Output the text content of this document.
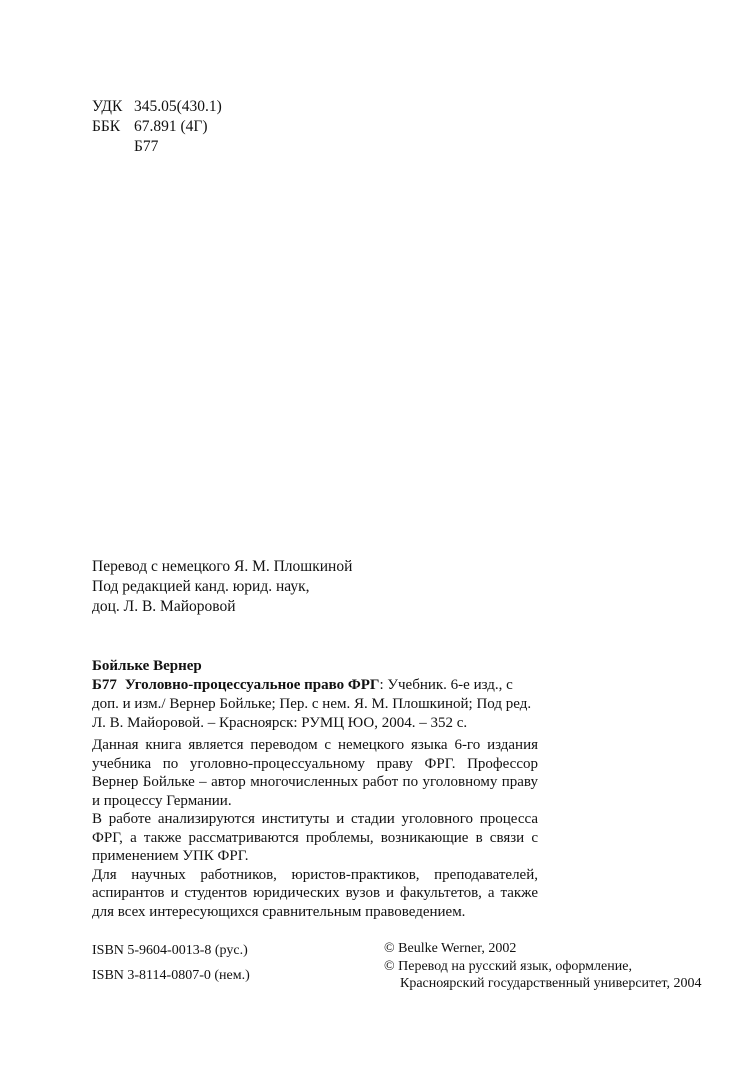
УДК 345.05(430.1)
ББК 67.891 (4Г)
Б77
Перевод с немецкого Я. М. Плошкиной
Под редакцией канд. юрид. наук,
доц. Л. В. Майоровой
Бойльке Вернер
Б77 Уголовно-процессуальное право ФРГ: Учебник. 6-е изд., с доп. и изм./ Вернер Бойльке; Пер. с нем. Я. М. Плошкиной; Под ред. Л. В. Майоровой. – Красноярск: РУМЦ ЮО, 2004. – 352 с.

Данная книга является переводом с немецкого языка 6-го издания учебника по уголовно-процессуальному праву ФРГ. Профессор Вернер Бойльке – автор многочисленных работ по уголовному праву и процессу Германии.

В работе анализируются институты и стадии уголовного процесса ФРГ, а также рассматриваются проблемы, возникающие в связи с применением УПК ФРГ.

Для научных работников, юристов-практиков, преподавателей, аспирантов и студентов юридических вузов и факультетов, а также для всех интересующихся сравнительным правоведением.

ISBN 5-9604-0013-8 (рус.)
ISBN 3-8114-0807-0 (нем.)
© Beulke Werner, 2002
© Перевод на русский язык, оформление,
Красноярский государственный университет, 2004
